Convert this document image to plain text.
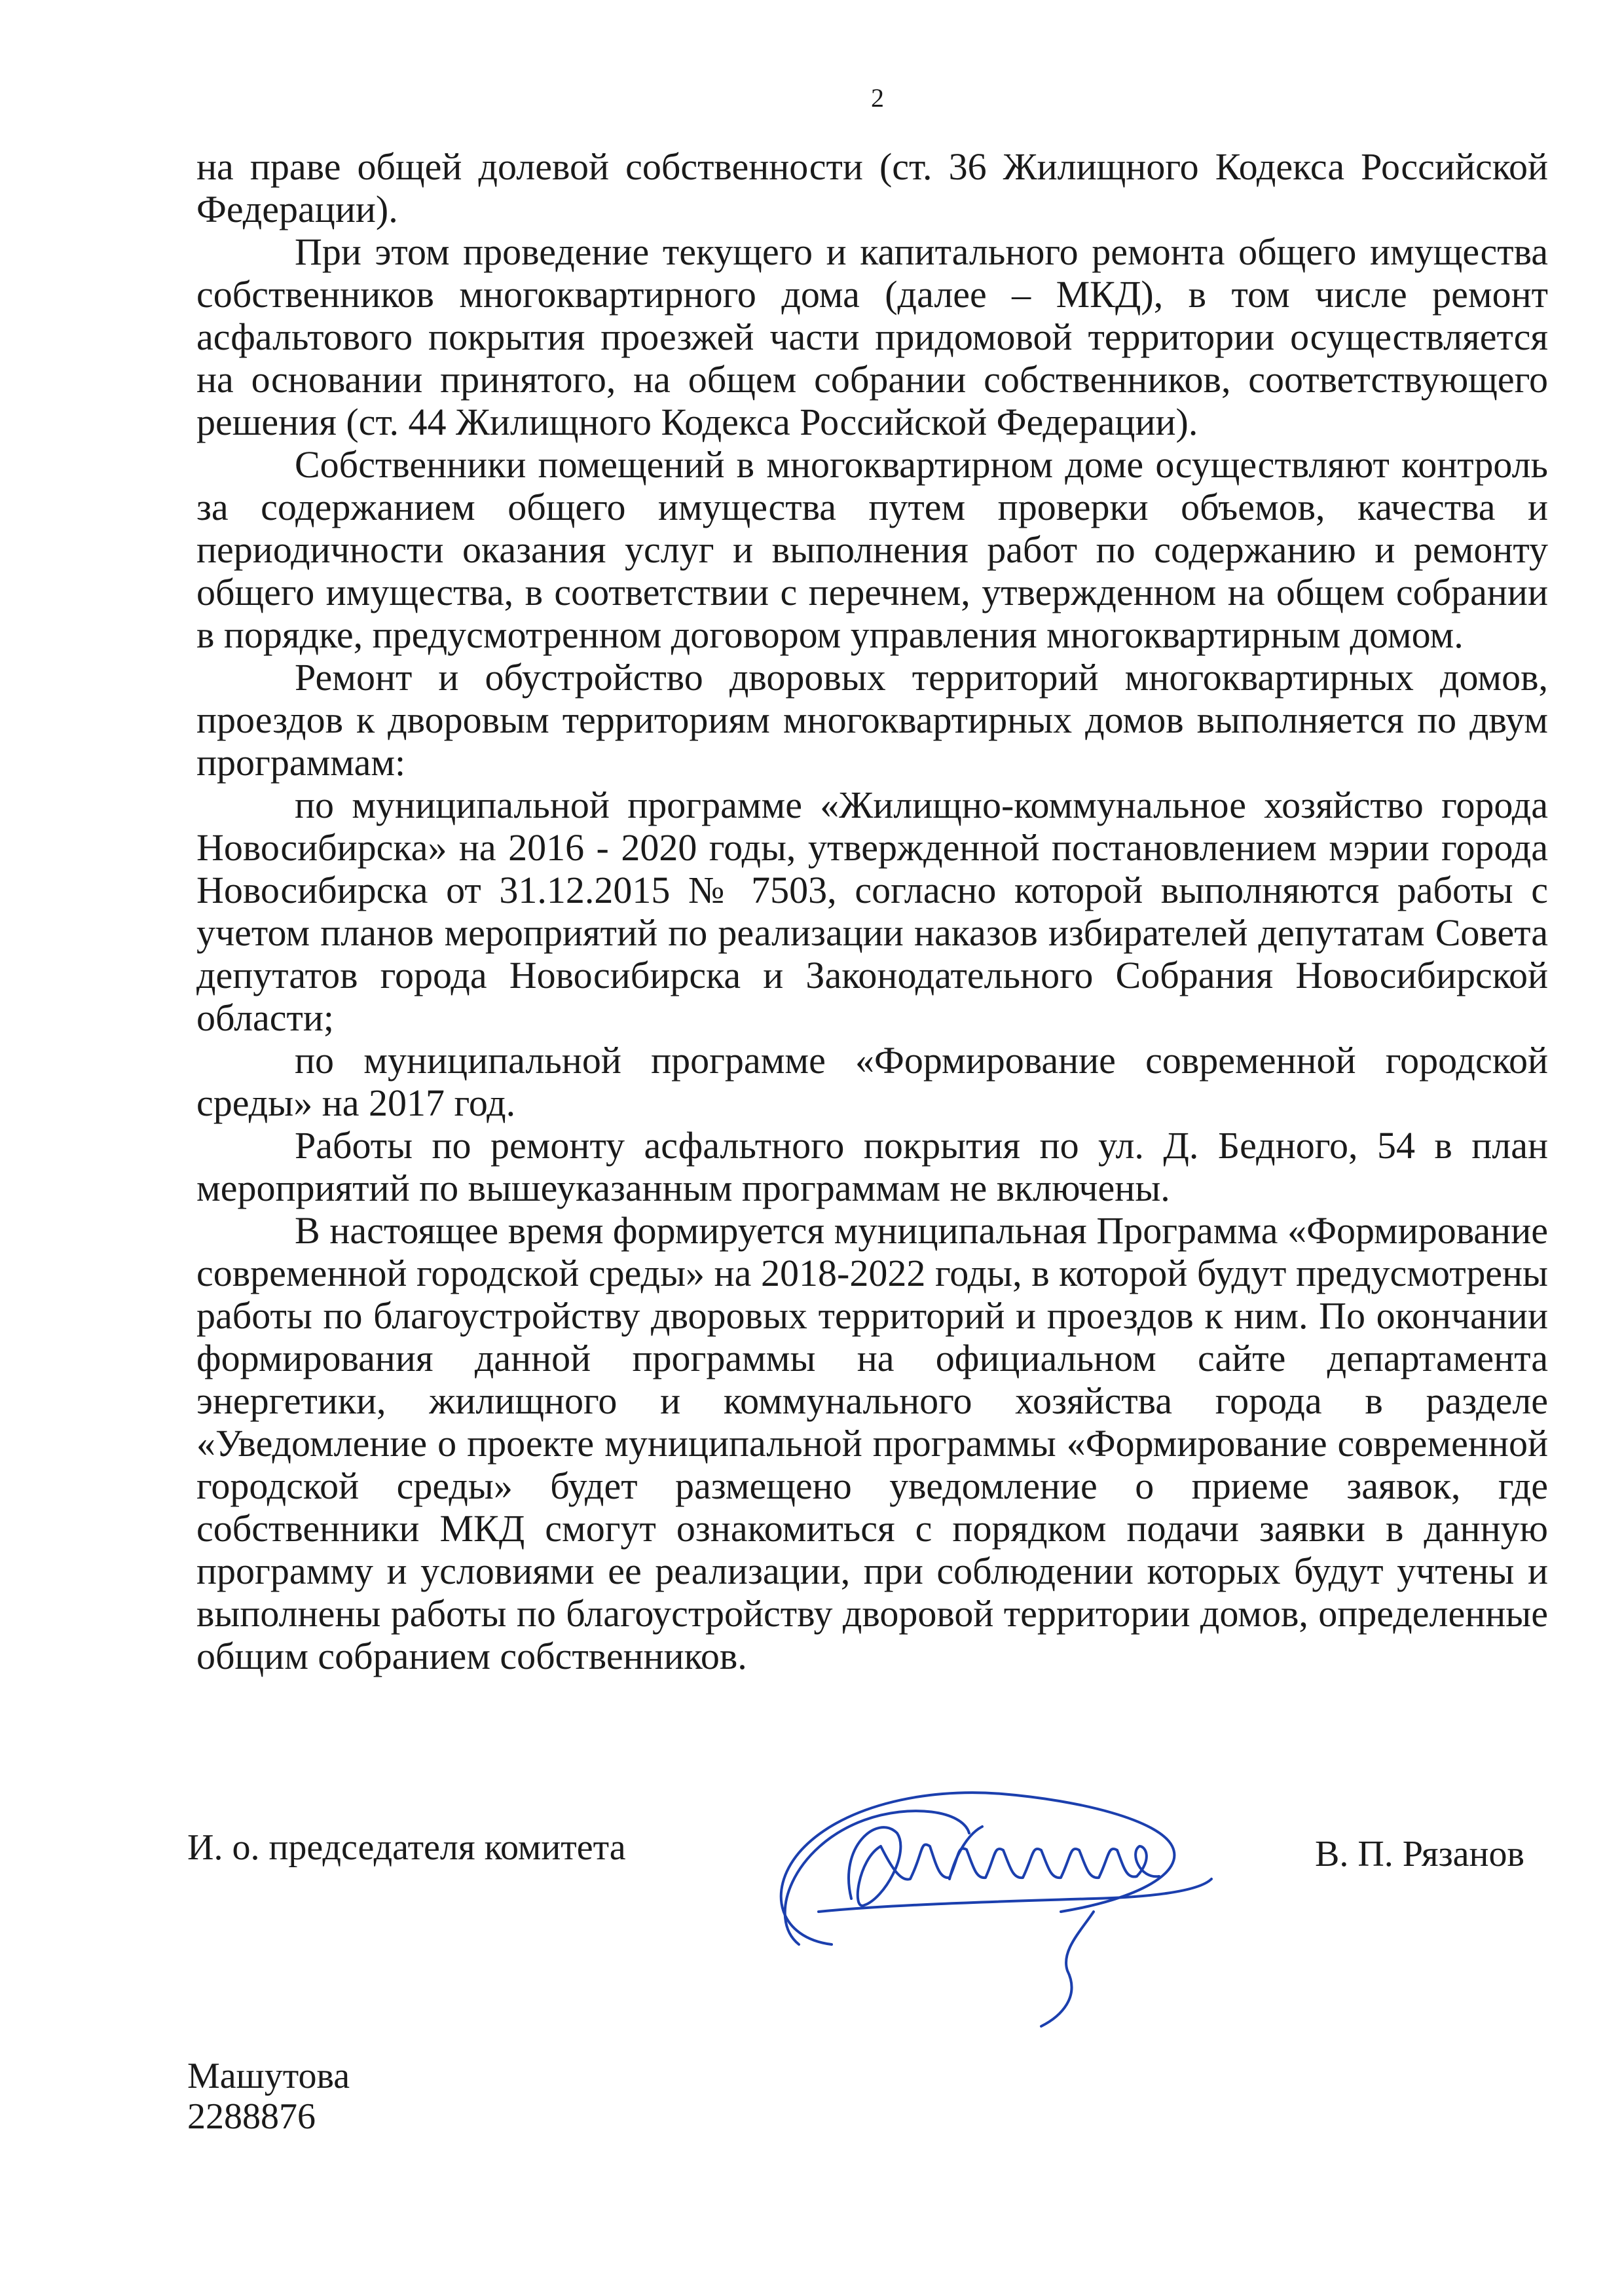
2

на праве общей долевой собственности (ст. 36 Жилищного Кодекса Российской Федерации).

При этом проведение текущего и капитального ремонта общего имущества собственников многоквартирного дома (далее – МКД), в том числе ремонт асфальтового покрытия проезжей части придомовой территории осуществляется на основании принятого, на общем собрании собственников, соответствующего решения (ст. 44 Жилищного Кодекса Российской Федерации).

Собственники помещений в многоквартирном доме осуществляют контроль за содержанием общего имущества путем проверки объемов, качества и периодичности оказания услуг и выполнения работ по содержанию и ремонту общего имущества, в соответствии с перечнем, утвержденном на общем собрании в порядке, предусмотренном договором управления многоквартирным домом.

Ремонт и обустройство дворовых территорий многоквартирных домов, проездов к дворовым территориям многоквартирных домов выполняется по двум программам:

по муниципальной программе «Жилищно-коммунальное хозяйство города Новосибирска» на 2016 - 2020 годы, утвержденной постановлением мэрии города Новосибирска от 31.12.2015 № 7503, согласно которой выполняются работы с учетом планов мероприятий по реализации наказов избирателей депутатам Совета депутатов города Новосибирска и Законодательного Собрания Новосибирской области;

по муниципальной программе «Формирование современной городской среды» на 2017 год.

Работы по ремонту асфальтного покрытия по ул. Д. Бедного, 54 в план мероприятий по вышеуказанным программам не включены.

В настоящее время формируется муниципальная Программа «Формирование современной городской среды» на 2018-2022 годы, в которой будут предусмотрены работы по благоустройству дворовых территорий и проездов к ним. По окончании формирования данной программы на официальном сайте департамента энергетики, жилищного и коммунального хозяйства города в разделе «Уведомление о проекте муниципальной программы «Формирование современной городской среды» будет размещено уведомление о приеме заявок, где собственники МКД смогут ознакомиться с порядком подачи заявки в данную программу и условиями ее реализации, при соблюдении которых будут учтены и выполнены работы по благоустройству дворовой территории домов, определенные общим собранием собственников.

И. о. председателя комитета	В. П. Рязанов
Машутова
2288876
